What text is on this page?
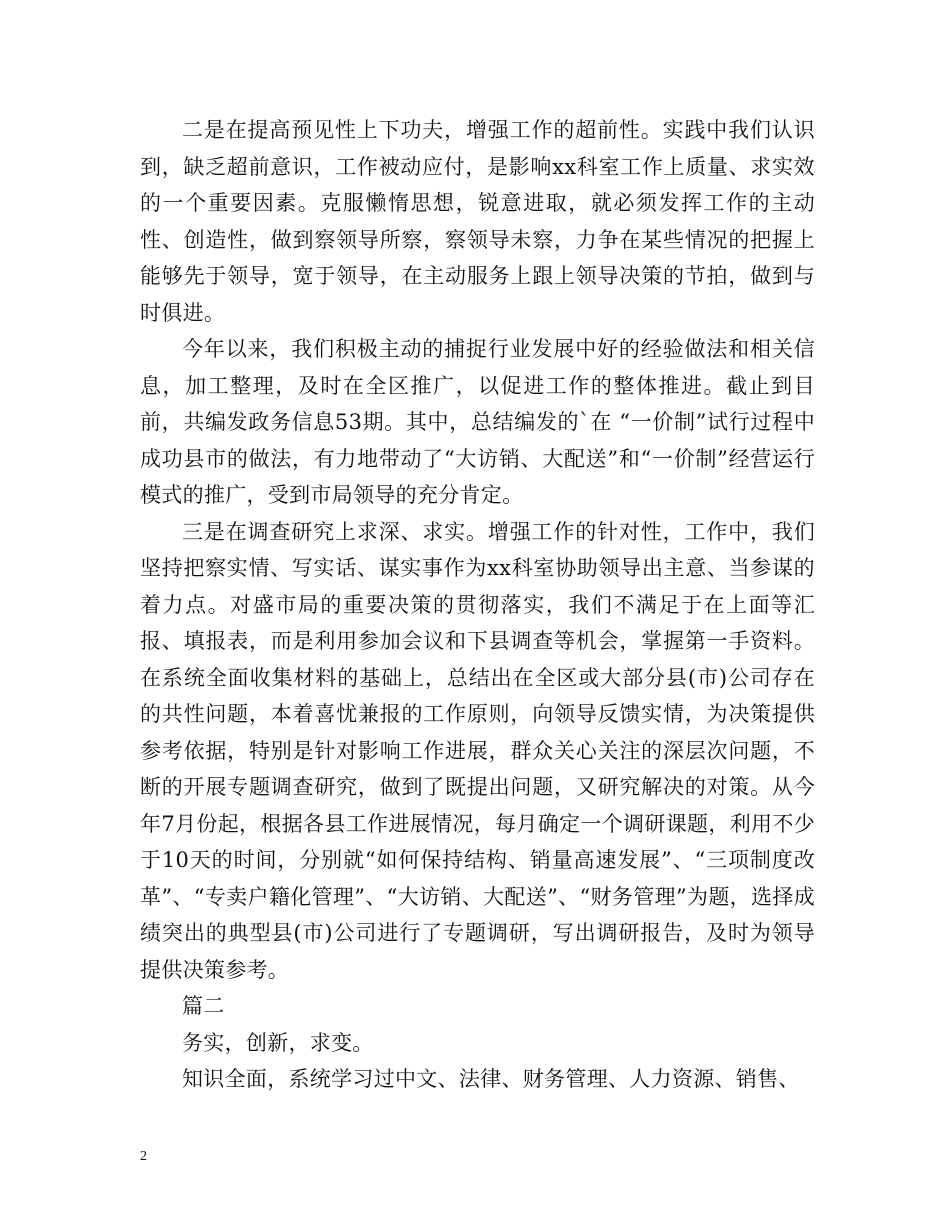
二是在提高预见性上下功夫，增强工作的超前性。实践中我们认识到，缺乏超前意识，工作被动应付，是影响xx科室工作上质量、求实效的一个重要因素。克服懒惰思想，锐意进取，就必须发挥工作的主动性、创造性，做到察领导所察，察领导未察，力争在某些情况的把握上能够先于领导，宽于领导，在主动服务上跟上领导决策的节拍，做到与时俱进。

今年以来，我们积极主动的捕捉行业发展中好的经验做法和相关信息，加工整理，及时在全区推广，以促进工作的整体推进。截止到目前，共编发政务信息53期。其中，总结编发的`在 “一价制”试行过程中成功县市的做法，有力地带动了“大访销、大配送”和“一价制”经营运行模式的推广，受到市局领导的充分肯定。

三是在调查研究上求深、求实。增强工作的针对性，工作中，我们坚持把察实情、写实话、谋实事作为xx科室协助领导出主意、当参谋的着力点。对盛市局的重要决策的贯彻落实，我们不满足于在上面等汇报、填报表，而是利用参加会议和下县调查等机会，掌握第一手资料。在系统全面收集材料的基础上，总结出在全区或大部分县(市)公司存在的共性问题，本着喜忧兼报的工作原则，向领导反馈实情，为决策提供参考依据，特别是针对影响工作进展，群众关心关注的深层次问题，不断的开展专题调查研究，做到了既提出问题，又研究解决的对策。从今年7月份起，根据各县工作进展情况，每月确定一个调研课题，利用不少于10天的时间，分别就“如何保持结构、销量高速发展”、“三项制度改革”、“专卖户籍化管理”、“大访销、大配送”、“财务管理”为题，选择成绩突出的典型县(市)公司进行了专题调研，写出调研报告，及时为领导提供决策参考。

篇二

务实，创新，求变。

知识全面，系统学习过中文、法律、财务管理、人力资源、销售、

2
